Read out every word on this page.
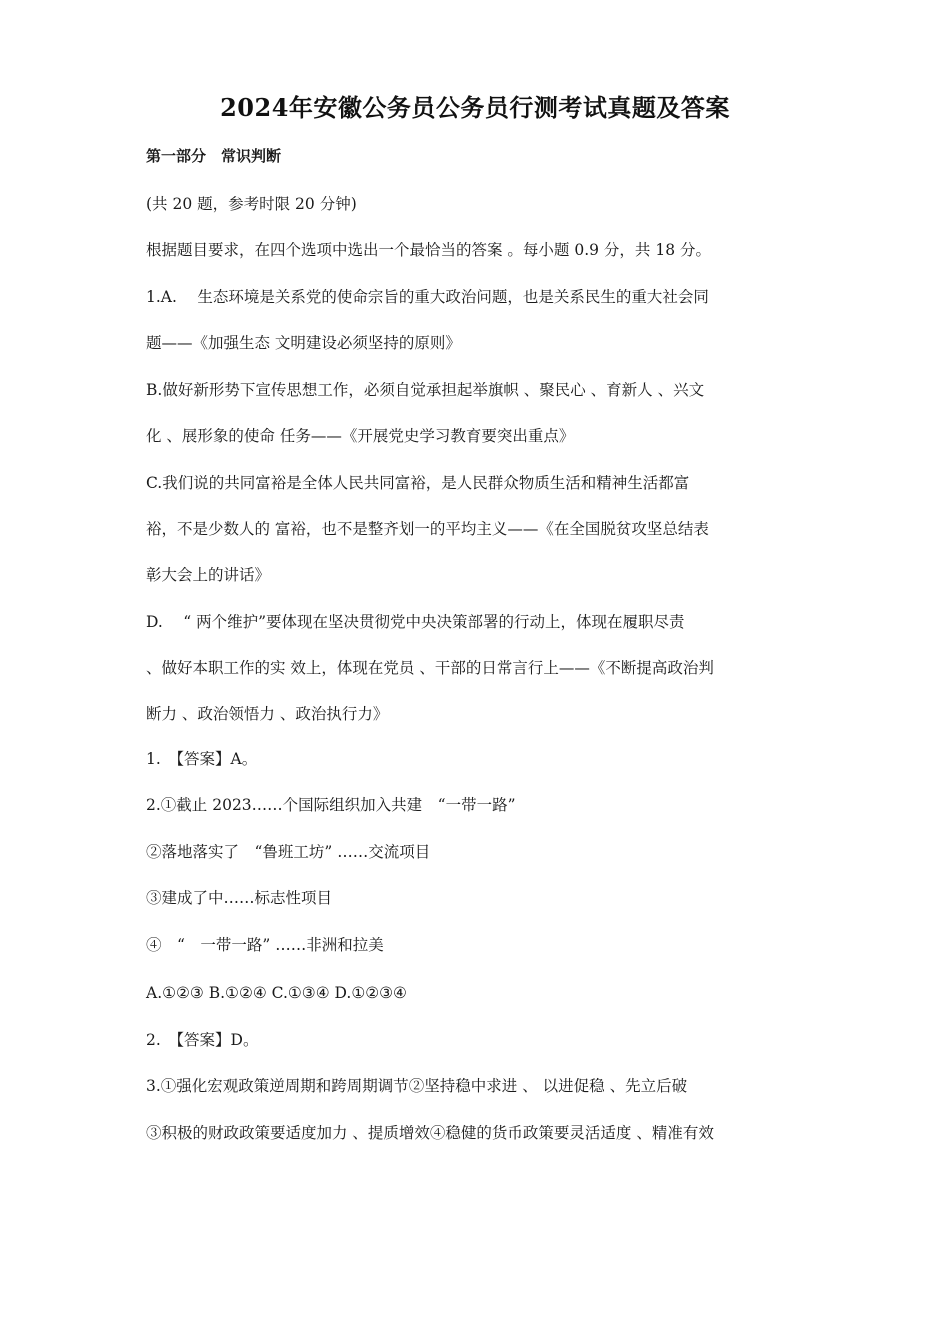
2024年安徽公务员公务员行测考试真题及答案
第一部分　常识判断
(共 20 题，参考时限 20 分钟)
根据题目要求，在四个选项中选出一个最恰当的答案 。每小题 0.9 分，共 18 分。
1.A.　 生态环境是关系党的使命宗旨的重大政治问题，也是关系民生的重大社会同
题——《加强生态 文明建设必须坚持的原则》
B.做好新形势下宣传思想工作，必须自觉承担起举旗帜 、聚民心 、育新人 、兴文
化 、展形象的使命 任务——《开展党史学习教育要突出重点》
C.我们说的共同富裕是全体人民共同富裕，是人民群众物质生活和精神生活都富
裕，不是少数人的 富裕，也不是整齐划一的平均主义——《在全国脱贫攻坚总结表
彰大会上的讲话》
D.　 “ 两个维护”要体现在坚决贯彻党中央决策部署的行动上，体现在履职尽责
、做好本职工作的实 效上，体现在党员 、干部的日常言行上——《不断提高政治判
断力 、政治领悟力 、政治执行力》
1.　【答案】A。
2.①截止 2023……个国际组织加入共建　“一带一路”
②落地落实了　“鲁班工坊” ……交流项目
③建成了中……标志性项目
④　“　一带一路” ……非洲和拉美
A.①②③ B.①②④ C.①③④ D.①②③④
2.　【答案】D。
3.①强化宏观政策逆周期和跨周期调节②坚持稳中求进 、 以进促稳 、先立后破
③积极的财政政策要适度加力 、提质增效④稳健的货币政策要灵活适度 、精准有效
